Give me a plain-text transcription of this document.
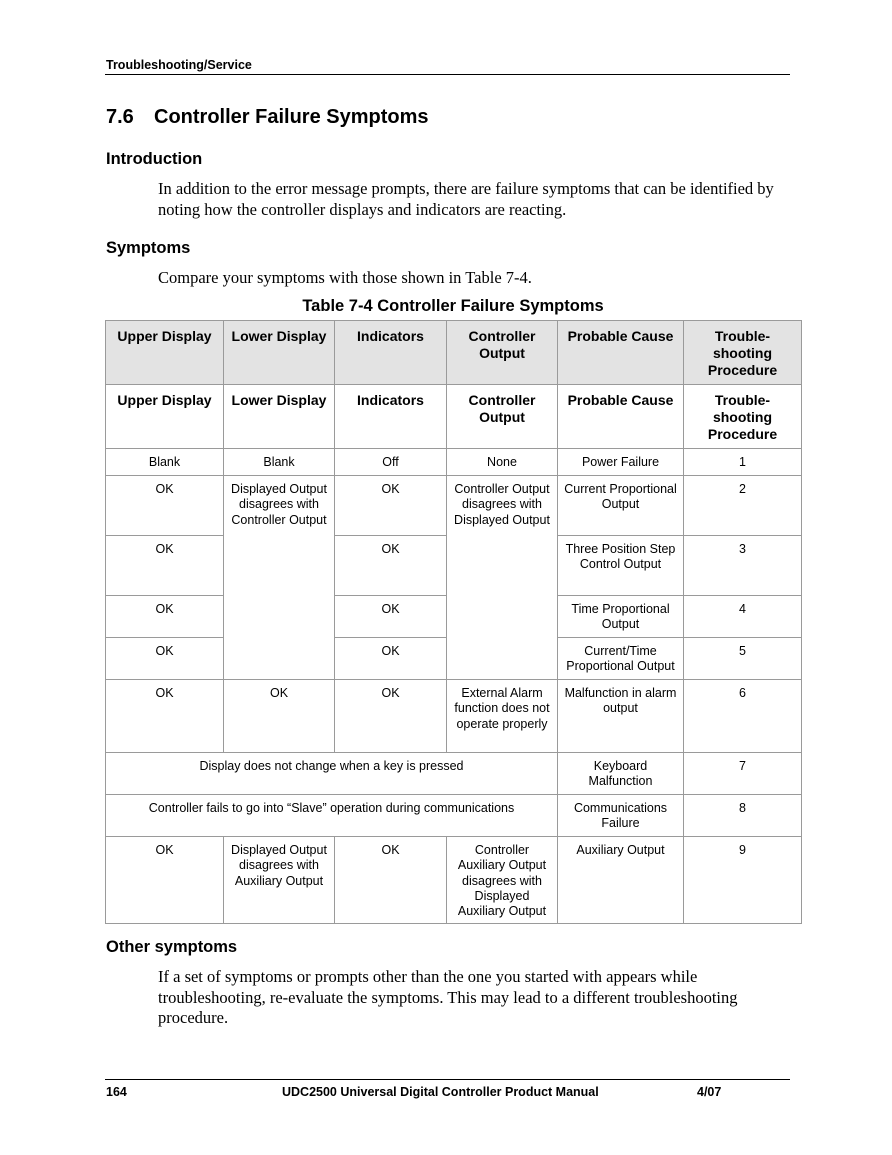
Troubleshooting/Service
7.6 Controller Failure Symptoms
Introduction

In addition to the error message prompts, there are failure symptoms that can be identified by noting how the controller displays and indicators are reacting.

Symptoms

Compare your symptoms with those shown in Table 7-4.

Table 7-4 Controller Failure Symptoms
Upper Display	Lower Display	Indicators	Controller Output	Probable Cause	Trouble-shooting Procedure
Upper Display	Lower Display	Indicators	Controller Output	Probable Cause	Trouble-shooting Procedure
Blank	Blank	Off	None	Power Failure	1
OK	Displayed Output disagrees with Controller Output	OK	Controller Output disagrees with Displayed Output	Current Proportional Output	2
OK		OK		Three Position Step Control Output	3
OK		OK		Time Proportional Output	4
OK		OK		Current/Time Proportional Output	5
OK	OK	OK	External Alarm function does not operate properly	Malfunction in alarm output	6
Display does not change when a key is pressed				Keyboard Malfunction	7
Controller fails to go into “Slave” operation during communications				Communications Failure	8
OK	Displayed Output disagrees with Auxiliary Output	OK	Controller Auxiliary Output disagrees with Displayed Auxiliary Output	Auxiliary Output	9
Other symptoms

If a set of symptoms or prompts other than the one you started with appears while troubleshooting, re-evaluate the symptoms. This may lead to a different troubleshooting procedure.

164	UDC2500 Universal Digital Controller Product Manual	4/07
